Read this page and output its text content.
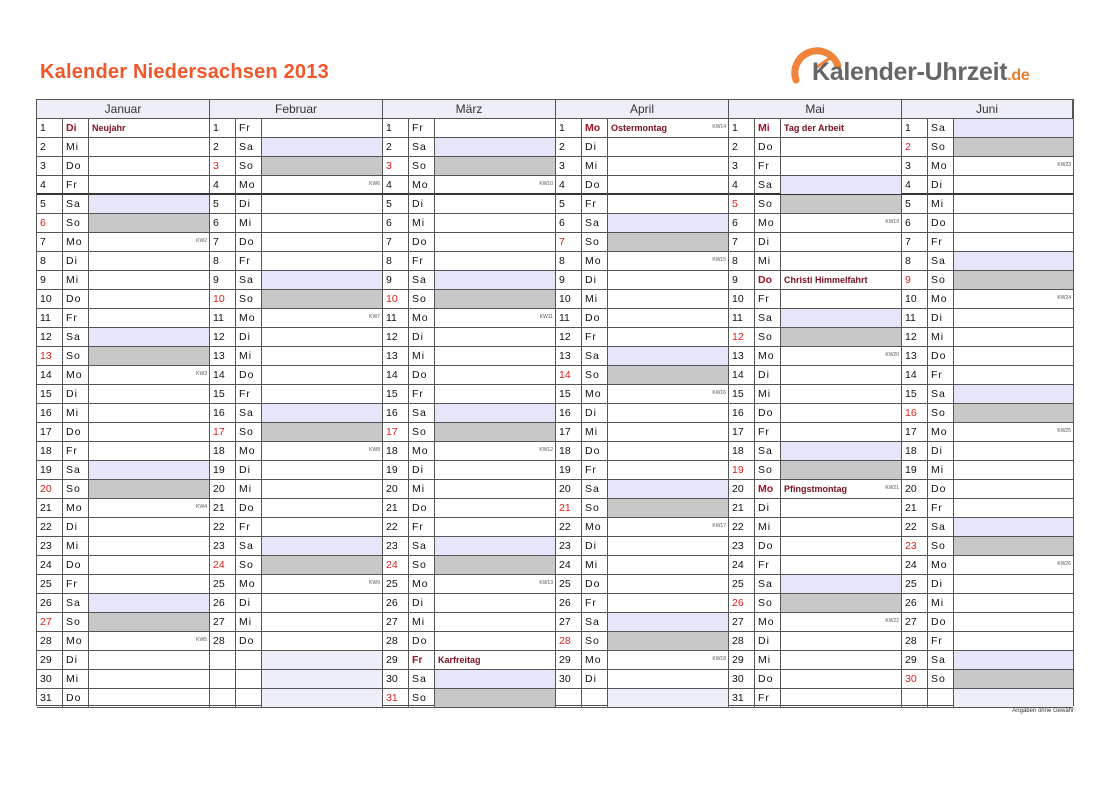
Kalender Niedersachsen 2013	Kalender-Uhrzeit.de
Januar
1	Di	Neujahr
2	Mi
3	Do
4	Fr
5	Sa
6	So
7	Mo	KW2
8	Di
9	Mi
10	Do
11	Fr
12	Sa
13	So
14	Mo	KW3
15	Di
16	Mi
17	Do
18	Fr
19	Sa
20	So
21	Mo	KW4
22	Di
23	Mi
24	Do
25	Fr
26	Sa
27	So
28	Mo	KW5
29	Di
30	Mi
31	Do
Februar
1	Fr
2	Sa
3	So
4	Mo	KW6
5	Di
6	Mi
7	Do
8	Fr
9	Sa
10	So
11	Mo	KW7
12	Di
13	Mi
14	Do
15	Fr
16	Sa
17	So
18	Mo	KW8
19	Di
20	Mi
21	Do
22	Fr
23	Sa
24	So
25	Mo	KW9
26	Di
27	Mi
28	Do
März
1	Fr
2	Sa
3	So
4	Mo	KW10
5	Di
6	Mi
7	Do
8	Fr
9	Sa
10	So
11	Mo	KW11
12	Di
13	Mi
14	Do
15	Fr
16	Sa
17	So
18	Mo	KW12
19	Di
20	Mi
21	Do
22	Fr
23	Sa
24	So
25	Mo	KW13
26	Di
27	Mi
28	Do
29	Fr	Karfreitag
30	Sa
31	So
April
1	Mo	Ostermontag	KW14
2	Di
3	Mi
4	Do
5	Fr
6	Sa
7	So
8	Mo	KW15
9	Di
10	Mi
11	Do
12	Fr
13	Sa
14	So
15	Mo	KW16
16	Di
17	Mi
18	Do
19	Fr
20	Sa
21	So
22	Mo	KW17
23	Di
24	Mi
25	Do
26	Fr
27	Sa
28	So
29	Mo	KW18
30	Di
Mai
1	Mi	Tag der Arbeit
2	Do
3	Fr
4	Sa
5	So
6	Mo	KW19
7	Di
8	Mi
9	Do	Christi Himmelfahrt
10	Fr
11	Sa
12	So
13	Mo	KW20
14	Di
15	Mi
16	Do
17	Fr
18	Sa
19	So
20	Mo	Pfingstmontag	KW21
21	Di
22	Mi
23	Do
24	Fr
25	Sa
26	So
27	Mo	KW22
28	Di
29	Mi
30	Do
31	Fr
Juni
1	Sa
2	So
3	Mo	KW23
4	Di
5	Mi
6	Do
7	Fr
8	Sa
9	So
10	Mo	KW24
11	Di
12	Mi
13	Do
14	Fr
15	Sa
16	So
17	Mo	KW25
18	Di
19	Mi
20	Do
21	Fr
22	Sa
23	So
24	Mo	KW26
25	Di
26	Mi
27	Do
28	Fr
29	Sa
30	So
Angaben ohne Gewähr
